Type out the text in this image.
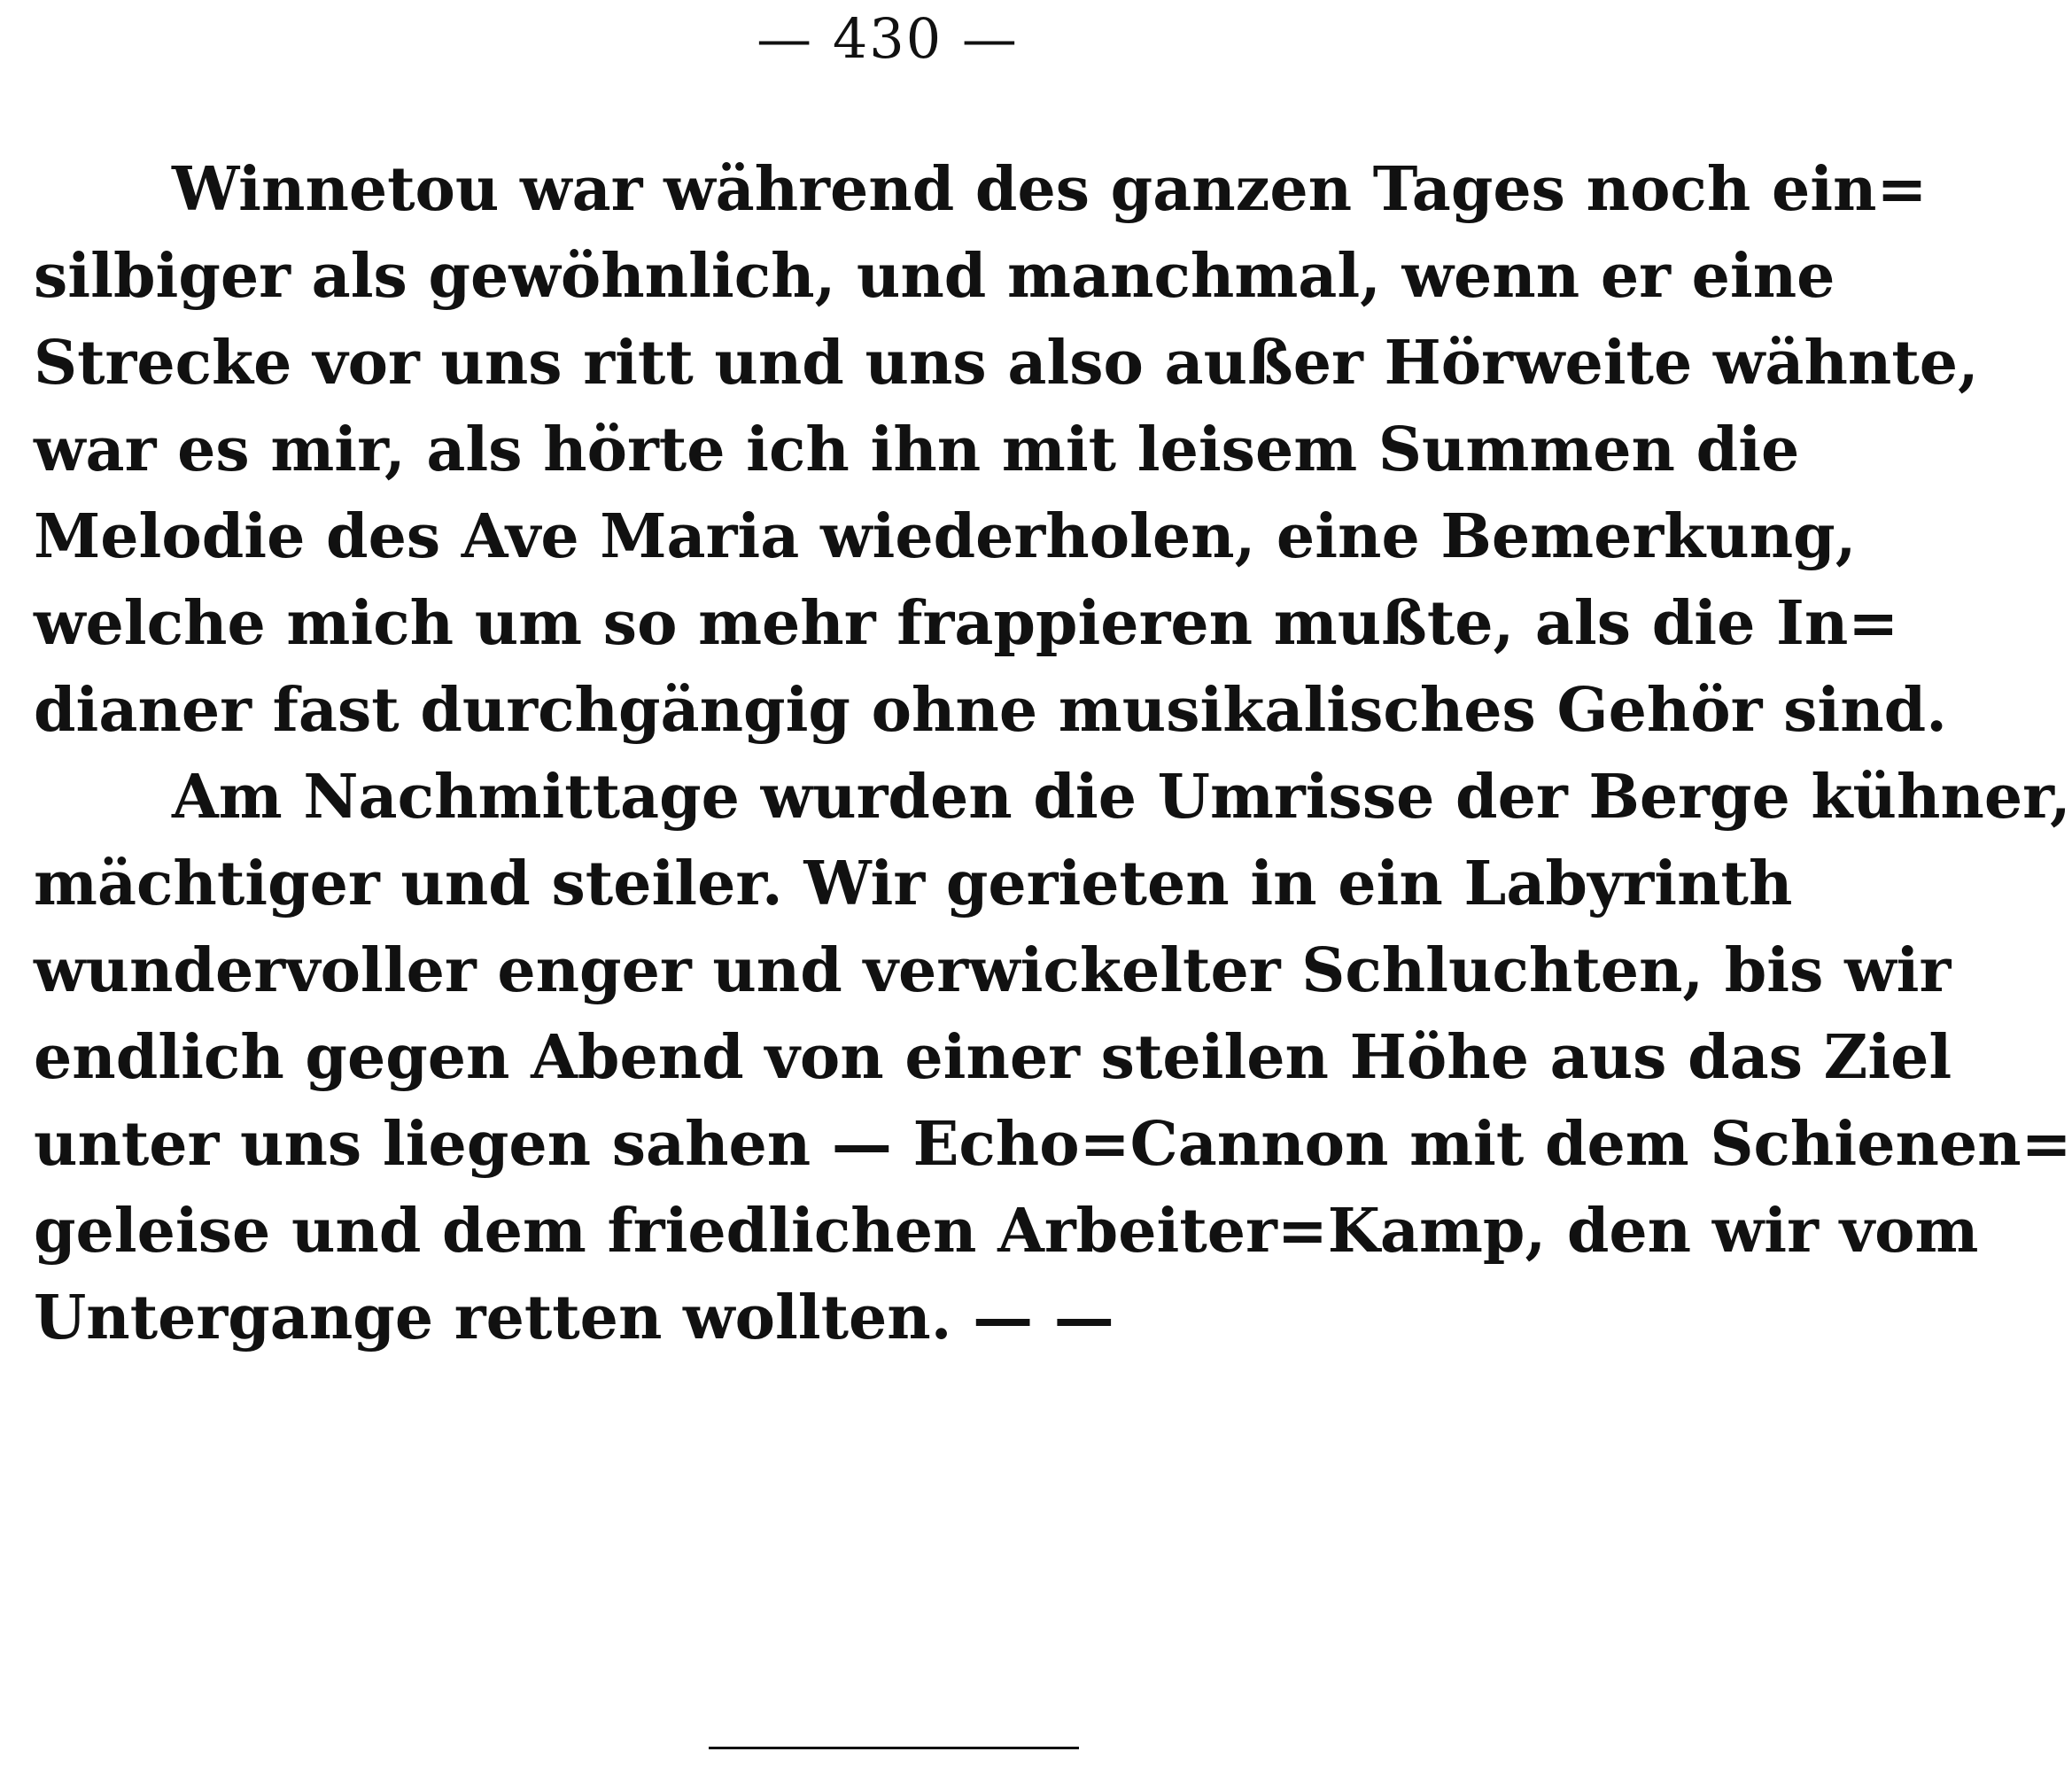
— 430 —
Winnetou war während des ganzen Tages noch ein=
silbiger als gewöhnlich, und manchmal, wenn er eine
Strecke vor uns ritt und uns also außer Hörweite wähnte,
war es mir, als hörte ich ihn mit leisem Summen die
Melodie des Ave Maria wiederholen, eine Bemerkung,
welche mich um so mehr frappieren mußte, als die In=
dianer fast durchgängig ohne musikalisches Gehör sind.
Am Nachmittage wurden die Umrisse der Berge kühner,
mächtiger und steiler. Wir gerieten in ein Labyrinth
wundervoller enger und verwickelter Schluchten, bis wir
endlich gegen Abend von einer steilen Höhe aus das Ziel
unter uns liegen sahen — Echo=Cannon mit dem Schienen=
geleise und dem friedlichen Arbeiter=Kamp, den wir vom
Untergange retten wollten. — —
